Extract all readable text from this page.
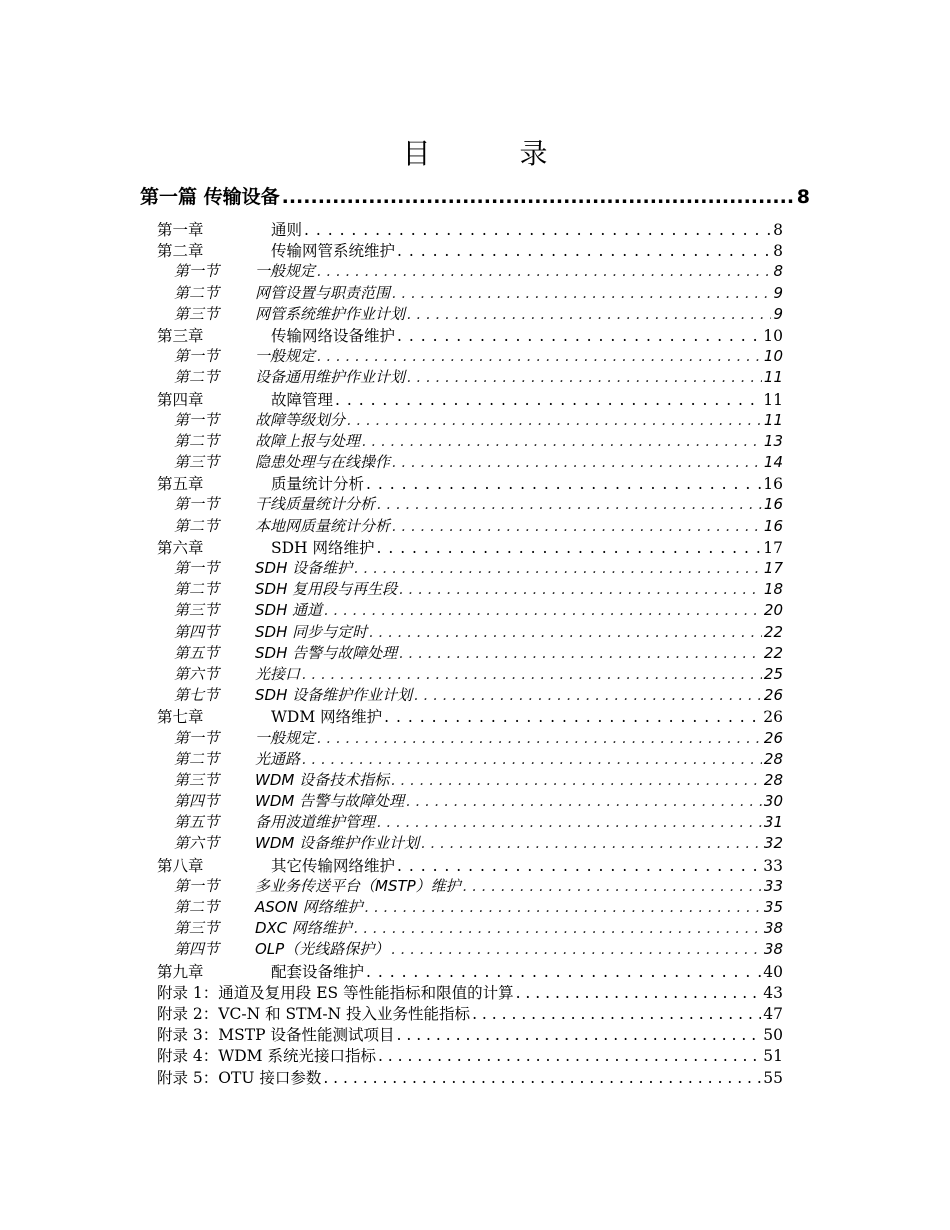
目 录
第一篇 传输设备 .....	8
第一章	通则 . . .	8
第二章	传输网管系统维护 . . .	8
第一节	一般规定 . . .	8
第二节	网管设置与职责范围 . . .	9
第三节	网管系统维护作业计划 . . .	9
第三章	传输网络设备维护 . . .	10
第一节	一般规定 . . .	10
第二节	设备通用维护作业计划 . . .	11
第四章	故障管理 . . .	11
第一节	故障等级划分 . . .	11
第二节	故障上报与处理 . . .	13
第三节	隐患处理与在线操作 . . .	14
第五章	质量统计分析 . . .	16
第一节	干线质量统计分析 . . .	16
第二节	本地网质量统计分析 . . .	16
第六章	SDH 网络维护 . . .	17
第一节	SDH 设备维护 . . .	17
第二节	SDH 复用段与再生段 . . .	18
第三节	SDH 通道 . . .	20
第四节	SDH 同步与定时 . . .	22
第五节	SDH 告警与故障处理 . . .	22
第六节	光接口 . . .	25
第七节	SDH 设备维护作业计划 . . .	26
第七章	WDM 网络维护 . . .	26
第一节	一般规定 . . .	26
第二节	光通路 . . .	28
第三节	WDM 设备技术指标 . . .	28
第四节	WDM 告警与故障处理 . . .	30
第五节	备用波道维护管理 . . .	31
第六节	WDM 设备维护作业计划 . . .	32
第八章	其它传输网络维护 . . .	33
第一节	多业务传送平台（MSTP）维护 . . .	33
第二节	ASON 网络维护 . . .	35
第三节	DXC 网络维护 . . .	38
第四节	OLP（光线路保护） . . .	38
第九章	配套设备维护 . . .	40
附录 1：通道及复用段 ES 等性能指标和限值的计算 . . .	43
附录 2：VC-N 和 STM-N 投入业务性能指标 . . .	47
附录 3：MSTP 设备性能测试项目 . . .	50
附录 4：WDM 系统光接口指标 . . .	51
附录 5：OTU 接口参数 . . .	55
